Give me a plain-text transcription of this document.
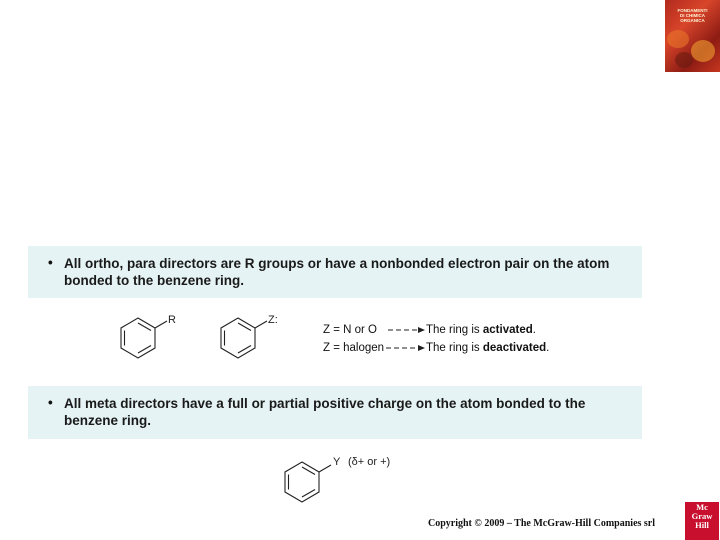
FONDAMENTI
DI CHIMICA
ORGANICA
• All ortho, para directors are R groups or have a nonbonded electron pair on the atom bonded to the benzene ring.
R	Z:
Z = N or O	The ring is activated.
Z = halogen	The ring is deactivated.
• All meta directors have a full or partial positive charge on the atom bonded to the benzene ring.
Y (δ+ or +)
Copyright © 2009 – The McGraw-Hill Companies srl
Mc
Graw
Hill
